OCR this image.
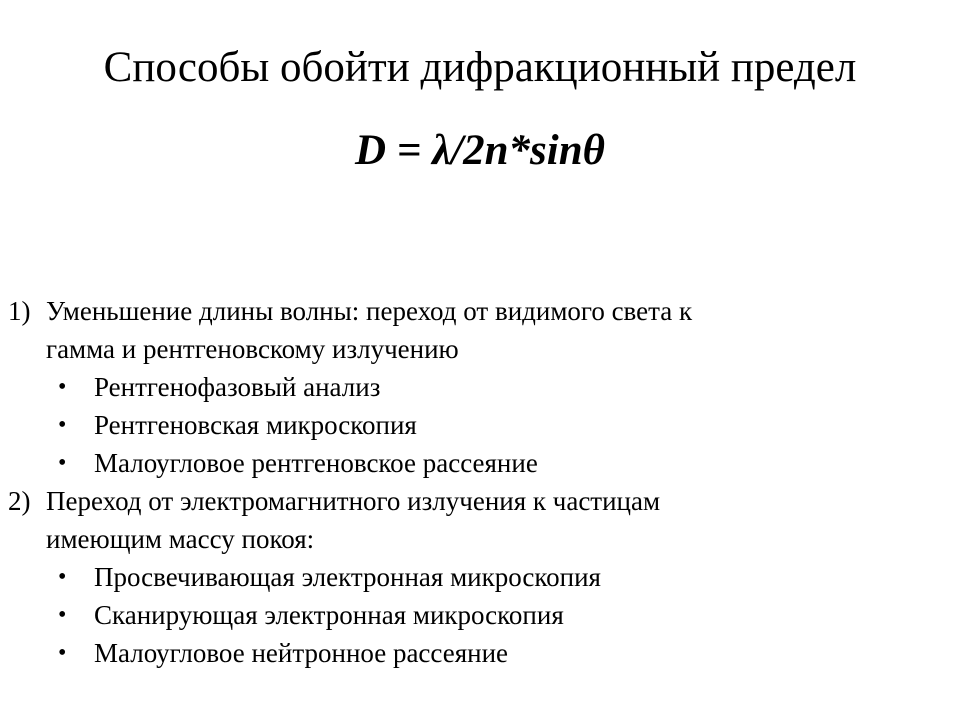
Способы обойти дифракционный предел
D = λ/2n*sinθ
1) Уменьшение длины волны: переход от видимого света к
гамма и рентгеновскому излучению
• Рентгенофазовый анализ
• Рентгеновская микроскопия
• Малоугловое рентгеновское рассеяние
2) Переход от электромагнитного излучения к частицам
имеющим массу покоя:
• Просвечивающая электронная микроскопия
• Сканирующая электронная микроскопия
• Малоугловое нейтронное рассеяние
